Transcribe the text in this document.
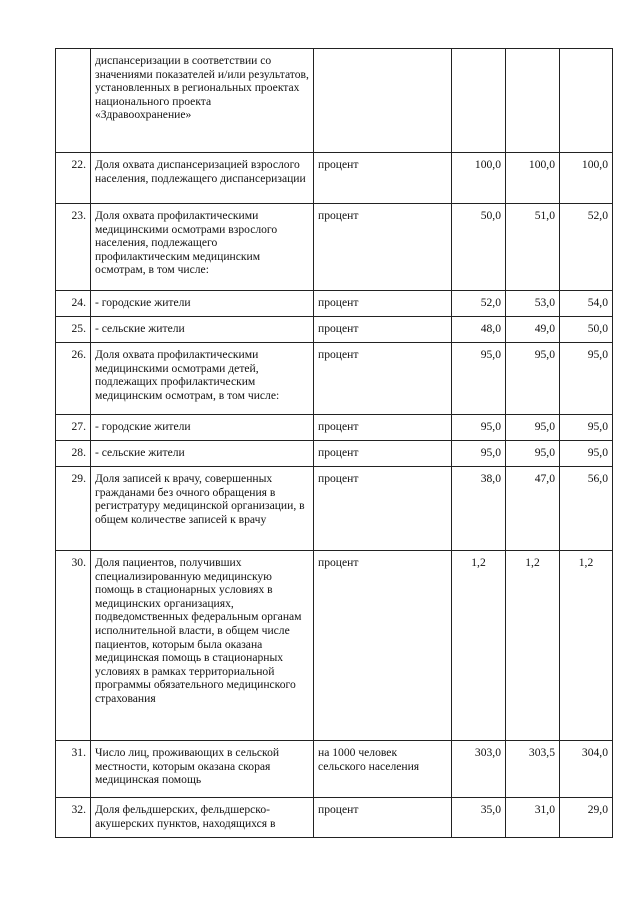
	диспансеризации в соответствии со значениями показателей и/или результатов, установленных в региональных проектах национального проекта «Здравоохранение»				
22.	Доля охвата диспансеризацией взрослого населения, подлежащего диспансеризации	процент	100,0	100,0	100,0
23.	Доля охвата профилактическими медицинскими осмотрами взрослого населения, подлежащего профилактическим медицинским осмотрам, в том числе:	процент	50,0	51,0	52,0
24.	- городские жители	процент	52,0	53,0	54,0
25.	- сельские жители	процент	48,0	49,0	50,0
26.	Доля охвата профилактическими медицинскими осмотрами детей, подлежащих профилактическим медицинским осмотрам, в том числе:	процент	95,0	95,0	95,0
27.	- городские жители	процент	95,0	95,0	95,0
28.	- сельские жители	процент	95,0	95,0	95,0
29.	Доля записей к врачу, совершенных гражданами без очного обращения в регистратуру медицинской организации, в общем количестве записей к врачу	процент	38,0	47,0	56,0
30.	Доля пациентов, получивших специализированную медицинскую помощь в стационарных условиях в медицинских организациях, подведомственных федеральным органам исполнительной власти, в общем числе пациентов, которым была оказана медицинская помощь в стационарных условиях в рамках территориальной программы обязательного медицинского страхования	процент	1,2	1,2	1,2
31.	Число лиц, проживающих в сельской местности, которым оказана скорая медицинская помощь	на 1000 человек сельского населения	303,0	303,5	304,0
32.	Доля фельдшерских, фельдшерско-акушерских пунктов, находящихся в	процент	35,0	31,0	29,0
